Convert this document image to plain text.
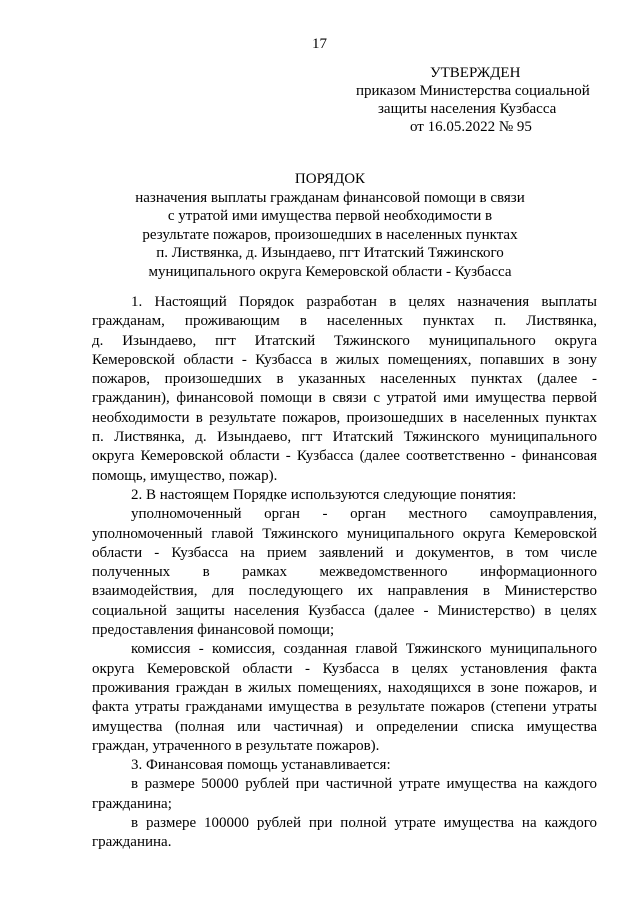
17
УТВЕРЖДЕН
приказом Министерства социальной
защиты населения Кузбасса
от 16.05.2022 № 95
ПОРЯДОК
назначения выплаты гражданам финансовой помощи в связи
с утратой ими имущества первой необходимости в
результате пожаров, произошедших в населенных пунктах
п. Листвянка, д. Изындаево, пгт Итатский Тяжинского
муниципального округа Кемеровской области - Кузбасса
1. Настоящий Порядок разработан в целях назначения выплаты
гражданам, проживающим в населенных пунктах п. Листвянка,
д. Изындаево, пгт Итатский Тяжинского муниципального округа
Кемеровской области - Кузбасса в жилых помещениях, попавших в зону
пожаров, произошедших в указанных населенных пунктах (далее -
гражданин), финансовой помощи в связи с утратой ими имущества первой
необходимости в результате пожаров, произошедших в населенных пунктах
п. Листвянка, д. Изындаево, пгт Итатский Тяжинского муниципального
округа Кемеровской области - Кузбасса (далее соответственно - финансовая
помощь, имущество, пожар).
2. В настоящем Порядке используются следующие понятия:
уполномоченный орган - орган местного самоуправления,
уполномоченный главой Тяжинского муниципального округа Кемеровской
области - Кузбасса на прием заявлений и документов, в том числе
полученных в рамках межведомственного информационного
взаимодействия, для последующего их направления в Министерство
социальной защиты населения Кузбасса (далее - Министерство) в целях
предоставления финансовой помощи;
комиссия - комиссия, созданная главой Тяжинского муниципального
округа Кемеровской области - Кузбасса в целях установления факта
проживания граждан в жилых помещениях, находящихся в зоне пожаров, и
факта утраты гражданами имущества в результате пожаров (степени утраты
имущества (полная или частичная) и определении списка имущества
граждан, утраченного в результате пожаров).
3. Финансовая помощь устанавливается:
в размере 50000 рублей при частичной утрате имущества на каждого
гражданина;
в размере 100000 рублей при полной утрате имущества на каждого
гражданина.
